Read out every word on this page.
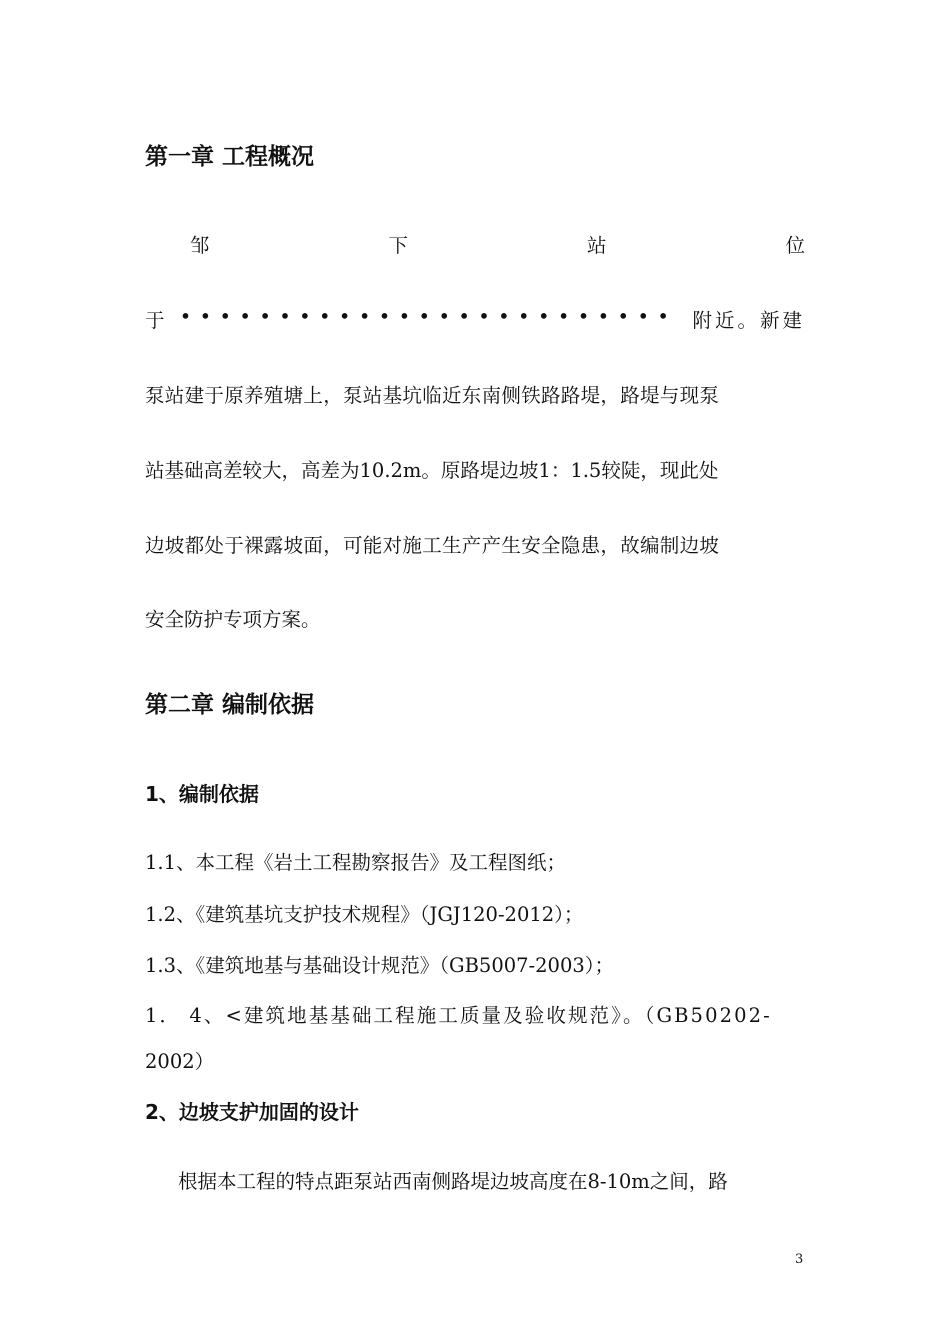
第一章 工程概况
邹	下	站	位
于 ••••••••••••••••••••••••• 附近。新建
泵站建于原养殖塘上，泵站基坑临近东南侧铁路路堤，路堤与现泵
站基础高差较大，高差为10.2m。原路堤边坡1：1.5较陡，现此处
边坡都处于裸露坡面，可能对施工生产产生安全隐患，故编制边坡
安全防护专项方案。
第二章 编制依据
1、编制依据
1.1、本工程《岩土工程勘察报告》及工程图纸；
1.2、《建筑基坑支护技术规程》（JGJ120-2012）；
1.3、《建筑地基与基础设计规范》（GB5007-2003）；
1． 4、<建筑地基基础工程施工质量及验收规范》。（GB50202-
2002）
2、边坡支护加固的设计
根据本工程的特点距泵站西南侧路堤边坡高度在8-10m之间，路
3
